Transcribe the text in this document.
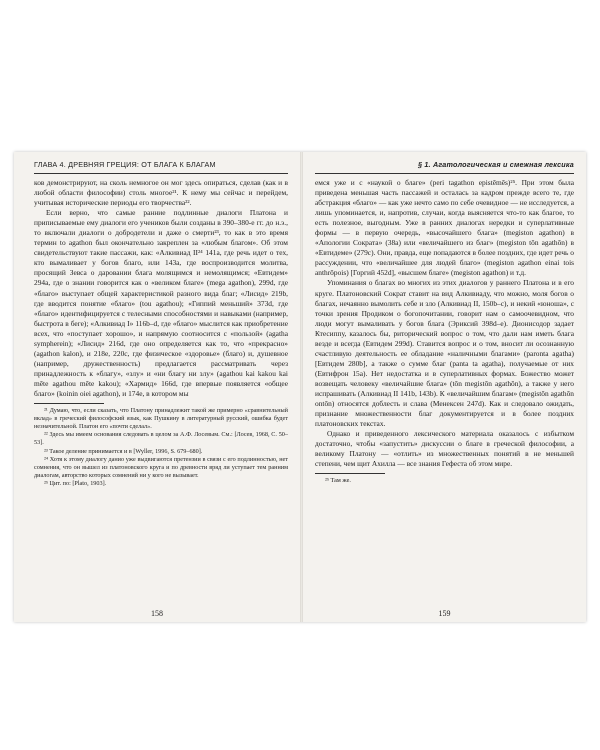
ГЛАВА 4. ДРЕВНЯЯ ГРЕЦИЯ: ОТ БЛАГА К БЛАГАМ

ков демонстрируют, на сколь немногое он мог здесь опираться, сделав (как и в любой области философии) столь многое²¹. К нему мы сейчас и перейдем, учитывая исторические периоды его творчества²².

Если верно, что самые ранние подлинные диалоги Платона и приписываемые ему диалоги его учеников были созданы в 390–380-е гг. до н.э., то включали диалоги о добродетели и даже о смерти²³, то как в это время термин to agathon был окончательно закреплен за «любым благом». Об этом свидетельствуют такие пассажи, как: «Алкивиад II²⁴ 141а, где речь идет о тех, кто вымаливает у богов благо, или 143а, где воспроизводится молитва, просящий Зевса о даровании блага молящимся и немолящимся; «Евтидем» 294а, где о знании говорится как о «великом благе» (mega agathon), 299d, где «благо» выступает общей характеристикой разного вида благ; «Лисид» 219b, где вводится понятие «благо» (tou agathou); «Гиппий меньший» 373d, где «благо» идентифицируется с телесными способностями и навыками (например, быстрота в беге); «Алкивиад I» 116b–d, где «благо» мыслится как приобретение всех, что «поступает хорошо», и напрямую соотносится с «пользой» (agatha sympherein); «Лисид» 216d, где оно определяется как то, что «прекрасно» (agathon kalon), и 218е, 220с, где физическое «здоровье» (благо) и, душевное (например, дружественность) предлагается рассматривать через принадлежность к «благу», «злу» и «ни благу ни злу» (agathou kai kakou kai mēte agathou mēte kakou); «Хармид» 166d, где впервые появляется «общее благо» (koinin oiei agathon), и 174е, в котором мы

²¹ Думаю, что, если сказать, что Платону принадлежит такой же примерно «сравнительный вклад» в греческий философский язык, как Пушкину в литературный русский, ошибка будет незначительной. Платон его «почти сделал».

²² Здесь мы имеем основания следовать в целом за А.Ф. Лосевым. См.: [Лосев, 1968, С. 50–53].

²³ Такое деление принимается и в [Wyller, 1996, S. 679–680].

²⁴ Хотя к этому диалогу данио уже выдвигаются претензии в связи с его подлинностью, нет сомнения, что он вышел из платоновского круга и по древности вряд ли уступает тем ранним диалогам, авторство которых сомнений ни у кого не вызывает.

²⁵ Цит. по: [Plato, 1903].

158
§ 1. Агатологическая и смежная лексика

емся уже и с «наукой о благе» (peri tagathon epistēmēs)²⁵. При этом была приведена меньшая часть пассажей и осталась за кадром прежде всего те, где абстракция «благо» — как уже нечто само по себе очевидное — не исследуется, а лишь упоминается, и, напротив, случаи, когда выясняется что-то как благое, то есть полезное, выгодным. Уже в ранних диалогах нередки и суперлативные формы — в первую очередь, «высочайшего блага» (megiston agathon) в «Апологии Сократа» (38а) или «величайшего из благ» (megiston tōn agathōn) в «Евтидеме» (279с). Они, правда, еще попадаются в более поздних, где идет речь о рассуждении, что «величайшее для людей благо» (megiston agathon einai tois anthrōpois) [Горгий 452d], «высшем благе» (megiston agathon) и т.д.

Упоминания о благах во многих из этих диалогов у раннего Платона и в его круге. Платоновский Сократ ставит на вид Алкивиаду, что можно, моля богов о благах, нечаянно вымолить себе и зло (Алкивиад II, 150b–c), и некий «юноша», с точки зрения Продиком о богопочитании, говорит нам о самоочевидном, что люди могут вымаливать у богов блага (Эриксий 398d–е). Дионисодор задает Ктесиппу, казалось бы, риторический вопрос о том, что дали нам иметь блага везде и всегда (Евтидем 299d). Ставится вопрос и о том, вносит ли осознанную счастливую деятельность ее обладание «наличными благами» (paronta agatha) [Евтидем 280b], а также о сумме благ (panta ta agatha), получаемые от них (Евтифрон 15а). Нет недостатка и в суперлативных формах. Божество может возвещать человеку «величайшие блага» (tōn megistōn agathōn), а также у него испрашивать (Алкивиад II 141b, 143b). К «величайшим благам» (megistōn agathōn ontōn) относятся доблесть и слава (Менексен 247d). Как и следовало ожидать, признание множественности благ документируется и в более поздних платоновских текстах.

Однако и приведенного лексического материала оказалось с избытком достаточно, чтобы «запустить» дискуссии о благе в греческой философии, а великому Платону — «отлить» из множественных понятий в не меньшей степени, чем щит Ахилла — все знания Гефеста об этом мире.

²⁵ Там же.

159
